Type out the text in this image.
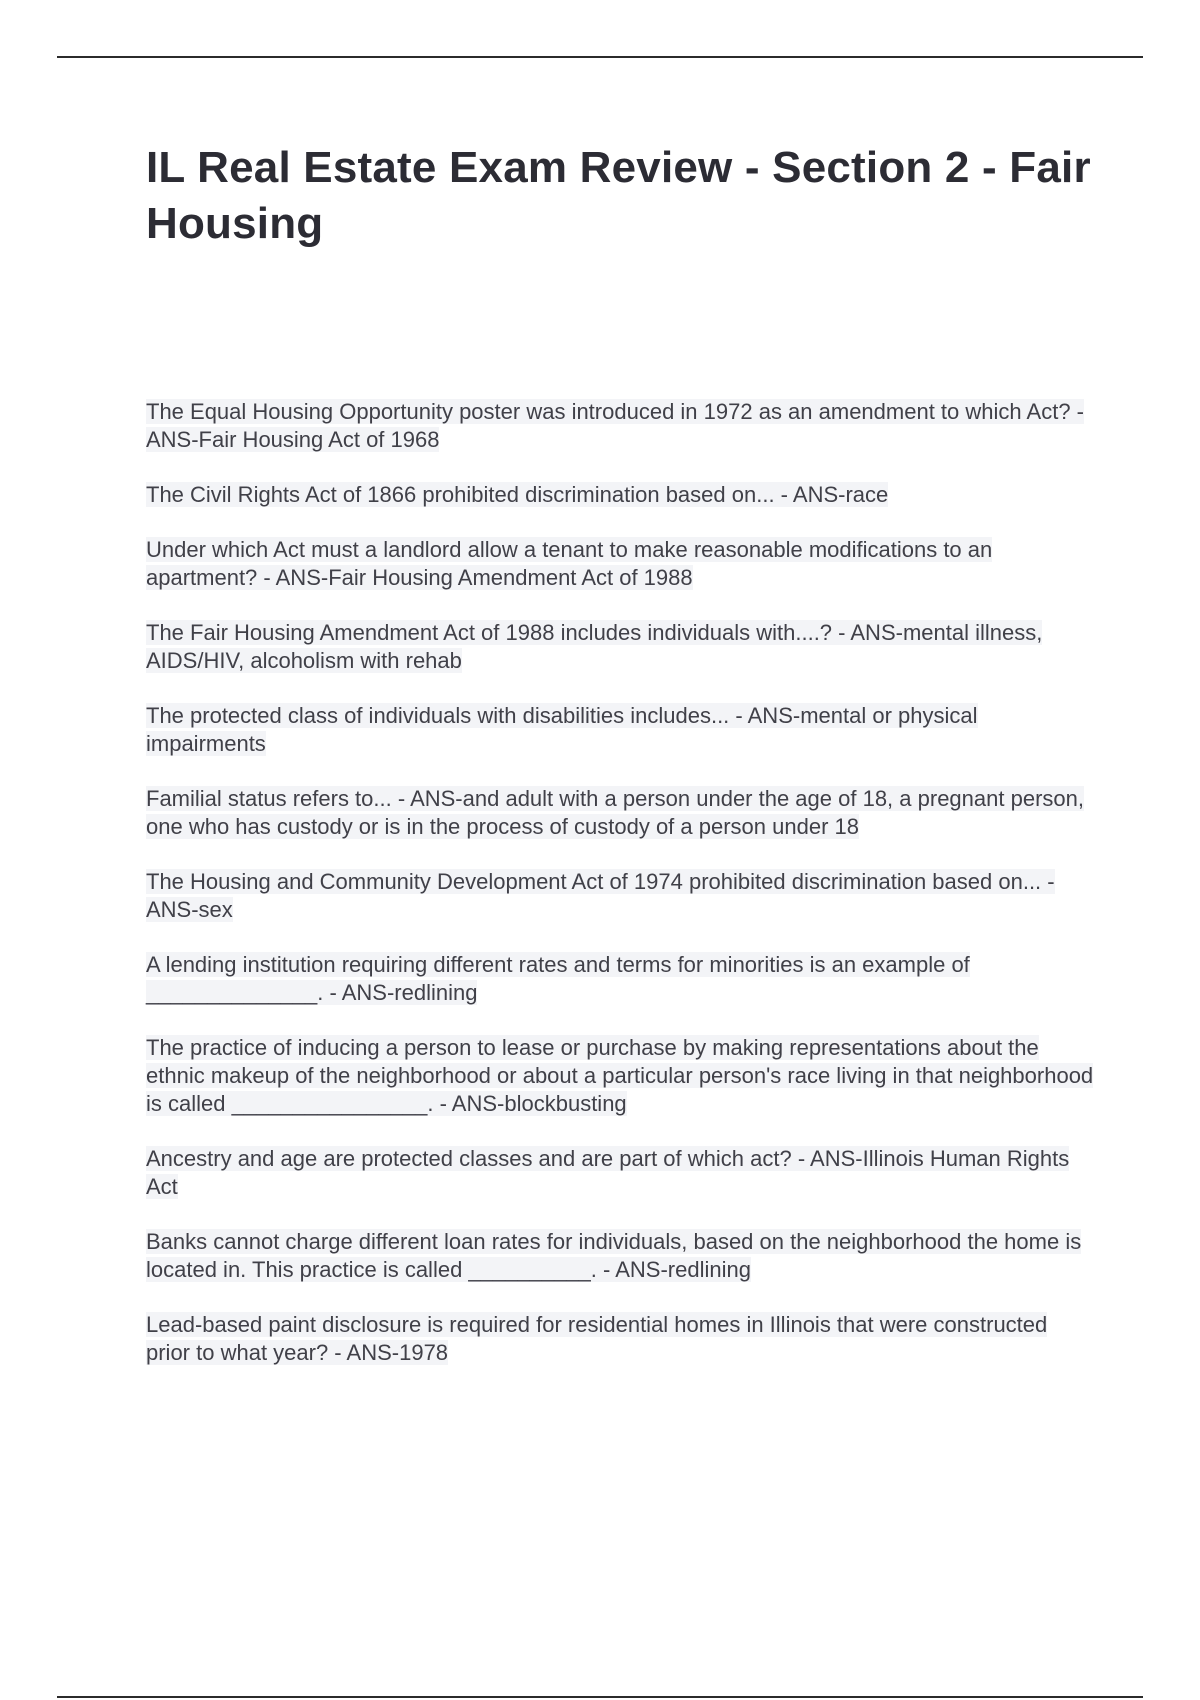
IL Real Estate Exam Review - Section 2 - Fair Housing

The Equal Housing Opportunity poster was introduced in 1972 as an amendment to which Act? - ANS-Fair Housing Act of 1968

The Civil Rights Act of 1866 prohibited discrimination based on... - ANS-race

Under which Act must a landlord allow a tenant to make reasonable modifications to an apartment? - ANS-Fair Housing Amendment Act of 1988

The Fair Housing Amendment Act of 1988 includes individuals with....? - ANS-mental illness, AIDS/HIV, alcoholism with rehab

The protected class of individuals with disabilities includes... - ANS-mental or physical impairments

Familial status refers to... - ANS-and adult with a person under the age of 18, a pregnant person, one who has custody or is in the process of custody of a person under 18

The Housing and Community Development Act of 1974 prohibited discrimination based on... - ANS-sex

A lending institution requiring different rates and terms for minorities is an example of ______________. - ANS-redlining

The practice of inducing a person to lease or purchase by making representations about the ethnic makeup of the neighborhood or about a particular person's race living in that neighborhood is called ________________. - ANS-blockbusting

Ancestry and age are protected classes and are part of which act? - ANS-Illinois Human Rights Act

Banks cannot charge different loan rates for individuals, based on the neighborhood the home is located in. This practice is called __________. - ANS-redlining

Lead-based paint disclosure is required for residential homes in Illinois that were constructed prior to what year? - ANS-1978
